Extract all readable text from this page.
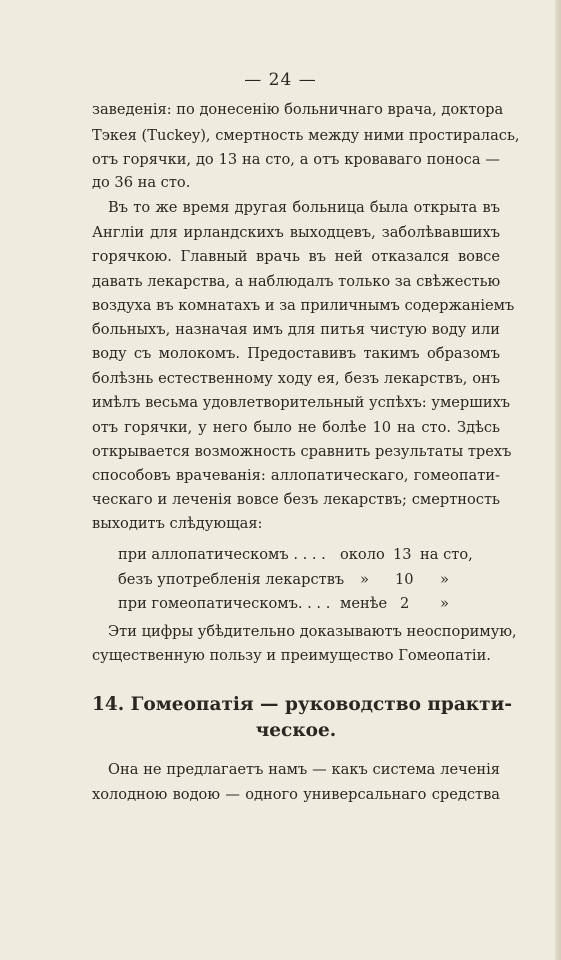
— 24 —
заведенія: по донесенію больничнаго врача, доктора
Тэкея (Tuckey), смертность между ними простиралась,
отъ горячки, до 13 на сто, а отъ кроваваго поноса —
до 36 на сто.
Въ то же время другая больница была открыта въ
Англіи для ирландскихъ выходцевъ, заболѣвавшихъ
горячкою. Главный врачь въ ней отказался вовсе
давать лекарства, а наблюдалъ только за свѣжестью
воздуха въ комнатахъ и за приличнымъ содержаніемъ
больныхъ, назначая имъ для питья чистую воду или
воду съ молокомъ. Предоставивъ такимъ образомъ
болѣзнь естественному ходу ея, безъ лекарствъ, онъ
имѣлъ весьма удовлетворительный успѣхъ: умершихъ
отъ горячки, у него было не болѣе 10 на сто. Здѣсь
открывается возможность сравнить результаты трехъ
способовъ врачеванія: аллопатическаго, гомеопати-
ческаго и леченія вовсе безъ лекарствъ; смертность
выходитъ слѣдующая:
при аллопатическомъ . . . . около 13 на сто,
безъ употребленія лекарствъ » 10 »
при гомеопатическомъ. . . . менѣе 2 »
Эти цифры убѣдительно доказываютъ неоспоримую,
существенную пользу и преимущество Гомеопатіи.
14. Гомеопатія — руководство практи-
ческое.
Она не предлагаетъ намъ — какъ система леченія
холодною водою — одного универсальнаго средства
